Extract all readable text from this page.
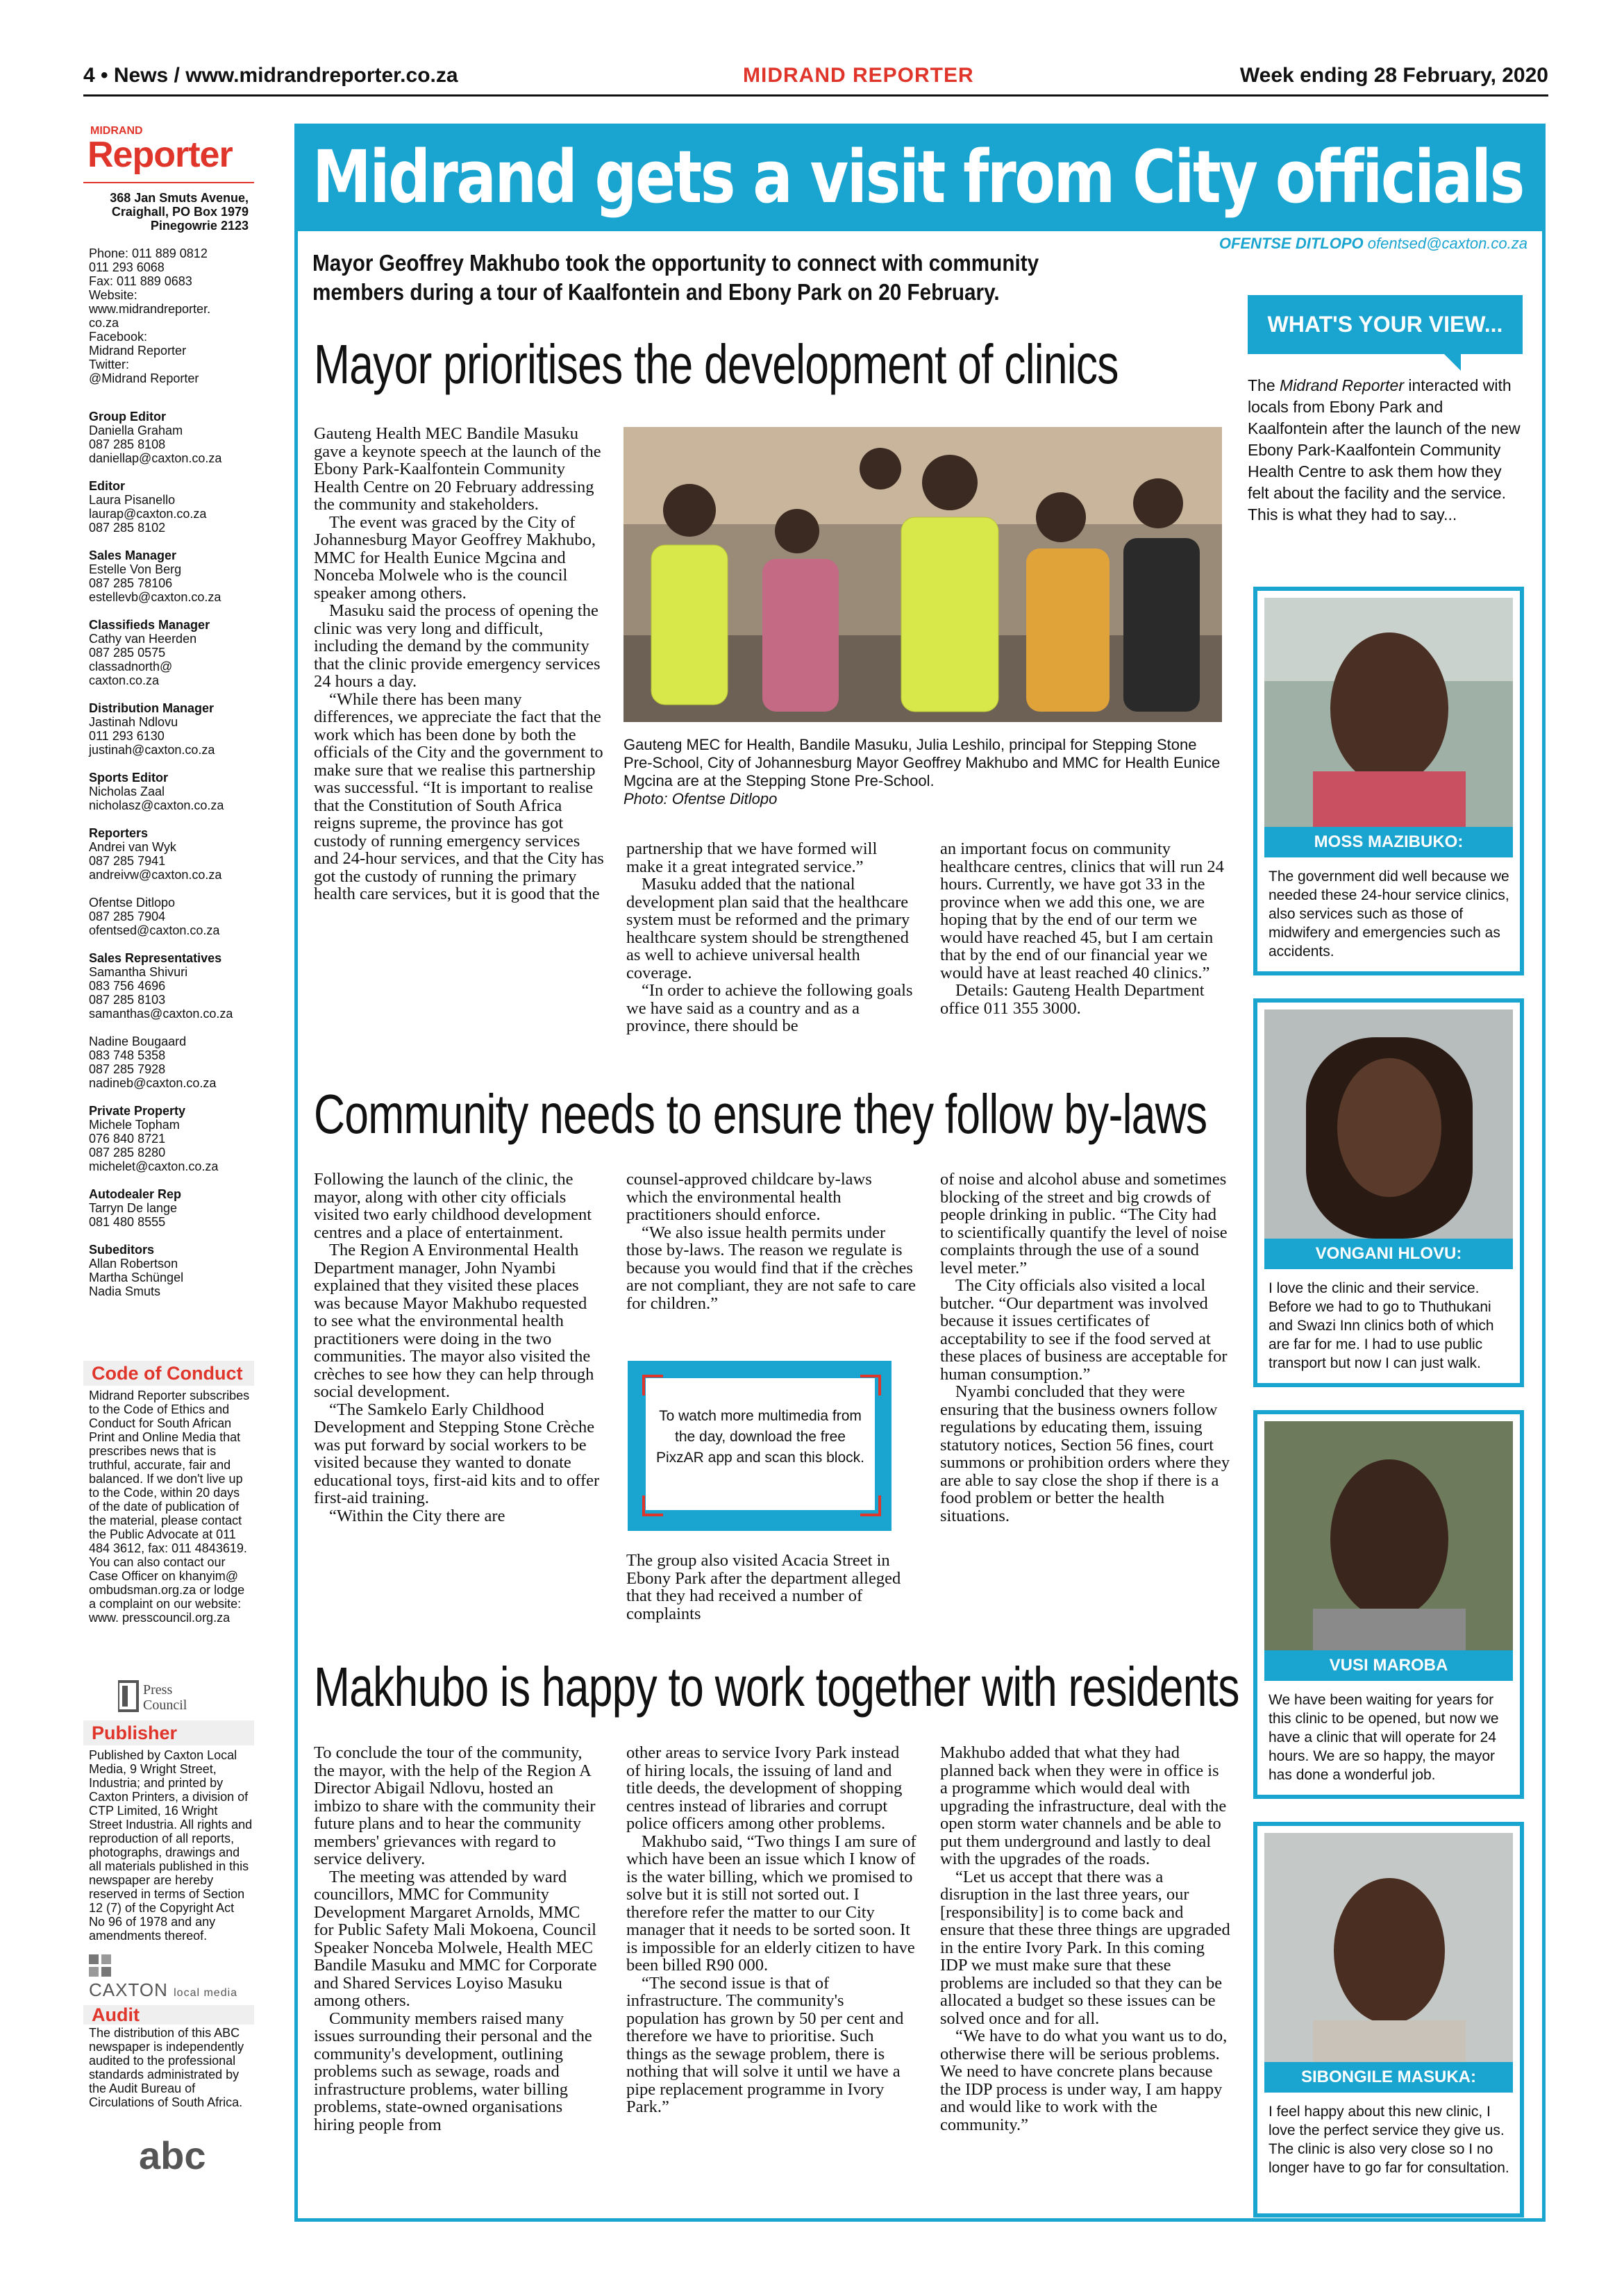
4 • News / www.midrandreporter.co.za	MIDRAND REPORTER	Week ending 28 February, 2020
MIDRAND
Reporter
368 Jan Smuts Avenue, Craighall, PO Box 1979 Pinegowrie 2123
Phone: 011 889 0812
011 293 6068
Fax: 011 889 0683
Website:
www.midrandreporter.
co.za
Facebook:
Midrand Reporter
Twitter:
@Midrand Reporter
Group Editor
Daniella Graham
087 285 8108
daniellap@caxton.co.za
Editor
Laura Pisanello
laurap@caxton.co.za
087 285 8102
Sales Manager
Estelle Von Berg
087 285 78106
estellevb@caxton.co.za
Classifieds Manager
Cathy van Heerden
087 285 0575
classadnorth@
caxton.co.za
Distribution Manager
Jastinah Ndlovu
011 293 6130
justinah@caxton.co.za
Sports Editor
Nicholas Zaal
nicholasz@caxton.co.za
Reporters
Andrei van Wyk
087 285 7941
andreivw@caxton.co.za

Ofentse Ditlopo
087 285 7904
ofentsed@caxton.co.za
Sales Representatives
Samantha Shivuri
083 756 4696
087 285 8103
samanthas@caxton.co.za

Nadine Bougaard
083 748 5358
087 285 7928
nadineb@caxton.co.za
Private Property
Michele Topham
076 840 8721
087 285 8280
michelet@caxton.co.za
Autodealer Rep
Tarryn De lange
081 480 8555
Subeditors
Allan Robertson
Martha Schüngel
Nadia Smuts
Code of Conduct
Midrand Reporter subscribes to the Code of Ethics and Conduct for South African Print and Online Media that prescribes news that is truthful, accurate, fair and balanced. If we don't live up to the Code, within 20 days of the date of publication of the material, please contact the Public Advocate at 011 484 3612, fax: 011 4843619. You can also contact our Case Officer on khanyim@ ombudsman.org.za or lodge a complaint on our website: www. presscouncil.org.za
Press
Council
Publisher
Published by Caxton Local Media, 9 Wright Street, Industria; and printed by Caxton Printers, a division of CTP Limited, 16 Wright Street Industria. All rights and reproduction of all reports, photographs, drawings and all materials published in this newspaper are hereby reserved in terms of Section 12 (7) of the Copyright Act No 96 of 1978 and any amendments thereof.
CAXTON local media
Audit
The distribution of this ABC newspaper is independently audited to the professional standards administrated by the Audit Bureau of Circulations of South Africa.
abc
Midrand gets a visit from City officials
OFENTSE DITLOPO ofentsed@caxton.co.za
Mayor Geoffrey Makhubo took the opportunity to connect with community members during a tour of Kaalfontein and Ebony Park on 20 February.
Mayor prioritises the development of clinics

Gauteng Health MEC Bandile Masuku gave a keynote speech at the launch of the Ebony Park-Kaalfontein Community Health Centre on 20 February addressing the community and stakeholders.

The event was graced by the City of Johannesburg Mayor Geoffrey Makhubo, MMC for Health Eunice Mgcina and Nonceba Molwele who is the council speaker among others.

Masuku said the process of opening the clinic was very long and difficult, including the demand by the community that the clinic provide emergency services 24 hours a day.

“While there has been many differences, we appreciate the fact that the work which has been done by both the officials of the City and the government to make sure that we realise this partnership was successful. “It is important to realise that the Constitution of South Africa reigns supreme, the province has got custody of running emergency services and 24-hour services, and that the City has got the custody of running the primary health care services, but it is good that the

Gauteng MEC for Health, Bandile Masuku, Julia Leshilo, principal for Stepping Stone Pre-School, City of Johannesburg Mayor Geoffrey Makhubo and MMC for Health Eunice Mgcina are at the Stepping Stone Pre-School.
Photo: Ofentse Ditlopo

partnership that we have formed will make it a great integrated service.”

Masuku added that the national development plan said that the healthcare system must be reformed and the primary healthcare system should be strengthened as well to achieve universal health coverage.

“In order to achieve the following goals we have said as a country and as a province, there should be

an important focus on community healthcare centres, clinics that will run 24 hours. Currently, we have got 33 in the province when we add this one, we are hoping that by the end of our term we would have reached 45, but I am certain that by the end of our financial year we would have at least reached 40 clinics.”

Details: Gauteng Health Department office 011 355 3000.

Community needs to ensure they follow by-laws

Following the launch of the clinic, the mayor, along with other city officials visited two early childhood development centres and a place of entertainment.

The Region A Environmental Health Department manager, John Nyambi explained that they visited these places was because Mayor Makhubo requested to see what the environmental health practitioners were doing in the two communities. The mayor also visited the crèches to see how they can help through social development.

“The Samkelo Early Childhood Development and Stepping Stone Crèche was put forward by social workers to be visited because they wanted to donate educational toys, first-aid kits and to offer first-aid training.

“Within the City there are

counsel-approved childcare by-laws which the environmental health practitioners should enforce.

“We also issue health permits under those by-laws. The reason we regulate is because you would find that if the crèches are not compliant, they are not safe to care for children.”

To watch more multimedia from the day, download the free PixzAR app and scan this block.

The group also visited Acacia Street in Ebony Park after the department alleged that they had received a number of complaints

of noise and alcohol abuse and sometimes blocking of the street and big crowds of people drinking in public. “The City had to scientifically quantify the level of noise complaints through the use of a sound level meter.”

The City officials also visited a local butcher. “Our department was involved because it issues certificates of acceptability to see if the food served at these places of business are acceptable for human consumption.”

Nyambi concluded that they were ensuring that the business owners follow regulations by educating them, issuing statutory notices, Section 56 fines, court summons or prohibition orders where they are able to say close the shop if there is a food problem or better the health situations.

Makhubo is happy to work together with residents

To conclude the tour of the community, the mayor, with the help of the Region A Director Abigail Ndlovu, hosted an imbizo to share with the community their future plans and to hear the community members' grievances with regard to service delivery.

The meeting was attended by ward councillors, MMC for Community Development Margaret Arnolds, MMC for Public Safety Mali Mokoena, Council Speaker Nonceba Molwele, Health MEC Bandile Masuku and MMC for Corporate and Shared Services Loyiso Masuku among others.

Community members raised many issues surrounding their personal and the community's development, outlining problems such as sewage, roads and infrastructure problems, water billing problems, state-owned organisations hiring people from

other areas to service Ivory Park instead of hiring locals, the issuing of land and title deeds, the development of shopping centres instead of libraries and corrupt police officers among other problems.

Makhubo said, “Two things I am sure of which have been an issue which I know of is the water billing, which we promised to solve but it is still not sorted out. I therefore refer the matter to our City manager that it needs to be sorted soon. It is impossible for an elderly citizen to have been billed R90 000.

“The second issue is that of infrastructure. The community's population has grown by 50 per cent and therefore we have to prioritise. Such things as the sewage problem, there is nothing that will solve it until we have a pipe replacement programme in Ivory Park.”

Makhubo added that what they had planned back when they were in office is a programme which would deal with upgrading the infrastructure, deal with the open storm water channels and be able to put them underground and lastly to deal with the upgrades of the roads.

“Let us accept that there was a disruption in the last three years, our [responsibility] is to come back and ensure that these three things are upgraded in the entire Ivory Park. In this coming IDP we must make sure that these problems are included so that they can be allocated a budget so these issues can be solved once and for all.

“We have to do what you want us to do, otherwise there will be serious problems. We need to have concrete plans because the IDP process is under way, I am happy and would like to work with the community.”

WHAT'S YOUR VIEW...
The Midrand Reporter interacted with locals from Ebony Park and Kaalfontein after the launch of the new Ebony Park-Kaalfontein Community Health Centre to ask them how they felt about the facility and the service.
This is what they had to say...
MOSS MAZIBUKO:
The government did well because we needed these 24-hour service clinics, also services such as those of midwifery and emergencies such as accidents.
VONGANI HLOVU:
I love the clinic and their service. Before we had to go to Thuthukani and Swazi Inn clinics both of which are far for me. I had to use public transport but now I can just walk.
VUSI MAROBA
We have been waiting for years for this clinic to be opened, but now we have a clinic that will operate for 24 hours. We are so happy, the mayor has done a wonderful job.
SIBONGILE MASUKA:
I feel happy about this new clinic, I love the perfect service they give us. The clinic is also very close so I no longer have to go far for consultation.
